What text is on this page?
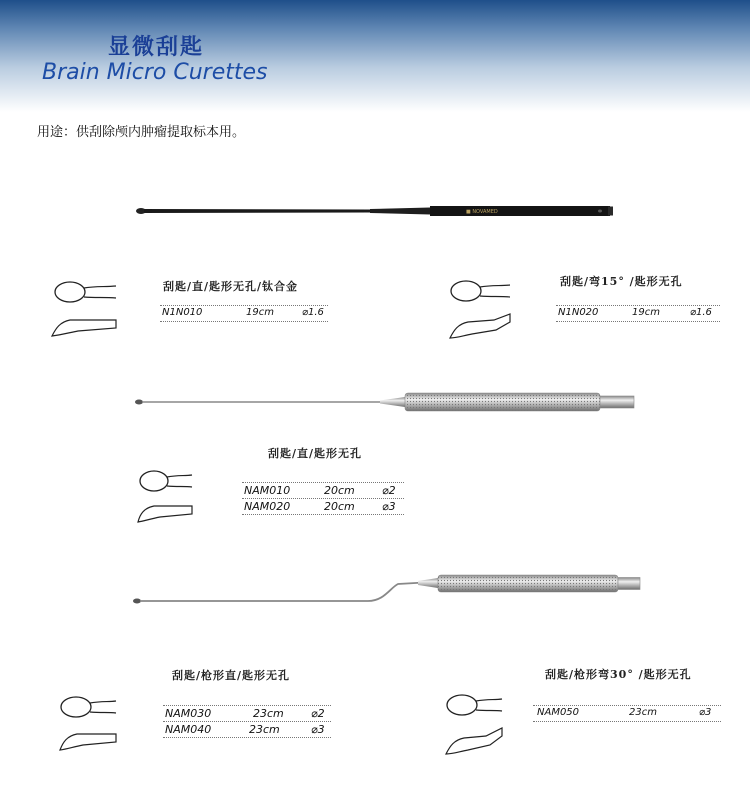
显微刮匙
Brain Micro Curettes
用途：供刮除颅内肿瘤提取标本用。
■ NOVAMED
刮匙/直/匙形无孔/钛合金
N1N010	19cm	⌀1.6
刮匙/弯15° /匙形无孔
N1N020	19cm	⌀1.6
刮匙/直/匙形无孔
NAM010	20cm ⌀2
NAM020	20cm ⌀3
刮匙/枪形直/匙形无孔
NAM030	23cm ⌀2
NAM040	23cm	⌀3
刮匙/枪形弯30° /匙形无孔
NAM050	23cm	⌀3
